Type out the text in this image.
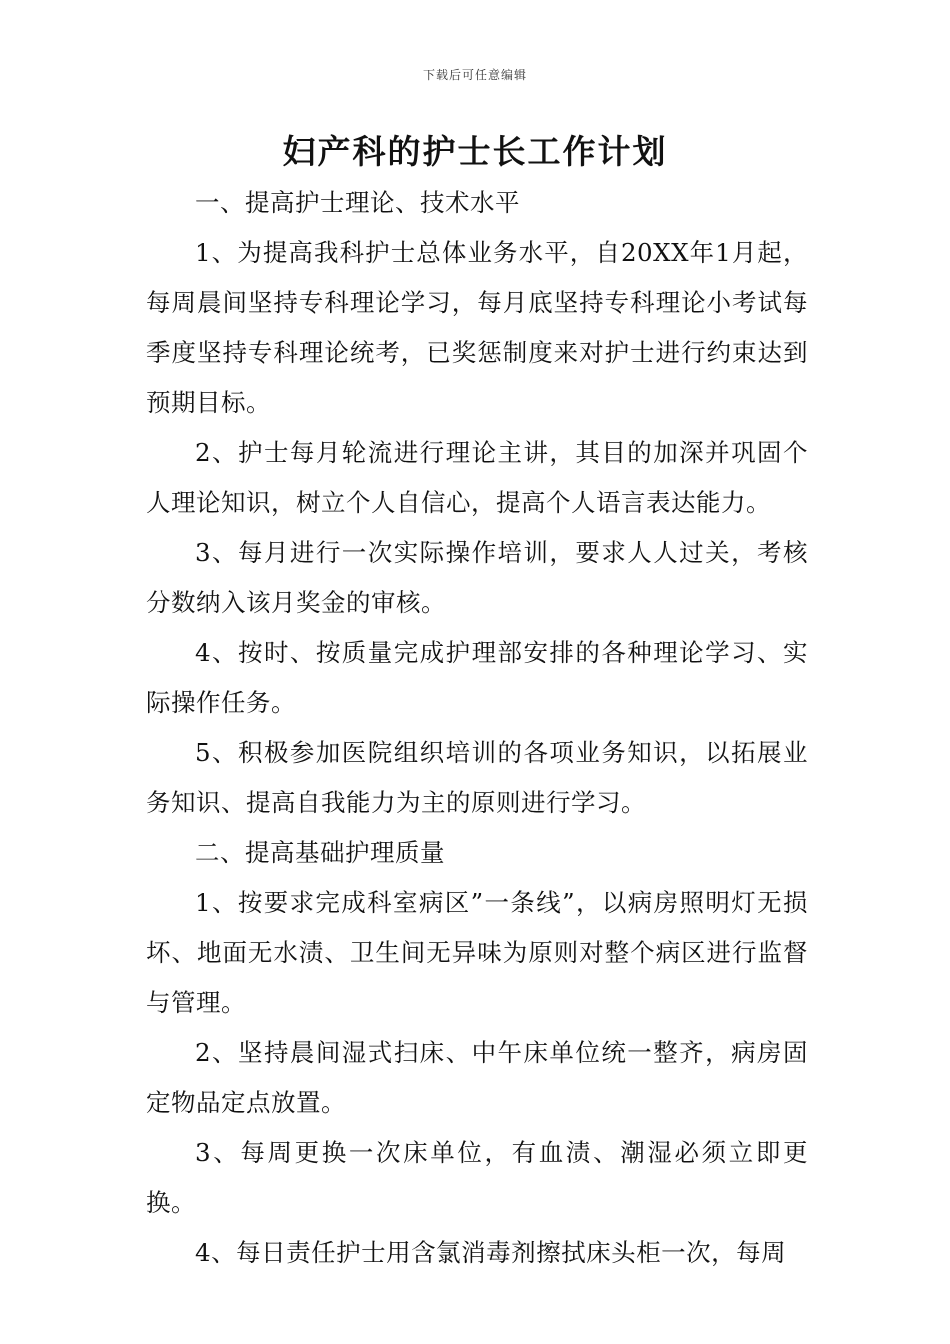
下载后可任意编辑
妇产科的护士长工作计划

一、提高护士理论、技术水平

1、为提高我科护士总体业务水平，自20XX年1月起，每周晨间坚持专科理论学习，每月底坚持专科理论小考试每季度坚持专科理论统考，已奖惩制度来对护士进行约束达到预期目标。

2、护士每月轮流进行理论主讲，其目的加深并巩固个人理论知识，树立个人自信心，提高个人语言表达能力。

3、每月进行一次实际操作培训，要求人人过关，考核分数纳入该月奖金的审核。

4、按时、按质量完成护理部安排的各种理论学习、实际操作任务。

5、积极参加医院组织培训的各项业务知识，以拓展业务知识、提高自我能力为主的原则进行学习。

二、提高基础护理质量

1、按要求完成科室病区”一条线”，以病房照明灯无损坏、地面无水渍、卫生间无异味为原则对整个病区进行监督与管理。

2、坚持晨间湿式扫床、中午床单位统一整齐，病房固定物品定点放置。

3、每周更换一次床单位，有血渍、潮湿必须立即更换。

4、每日责任护士用含氯消毒剂擦拭床头柜一次，每周
